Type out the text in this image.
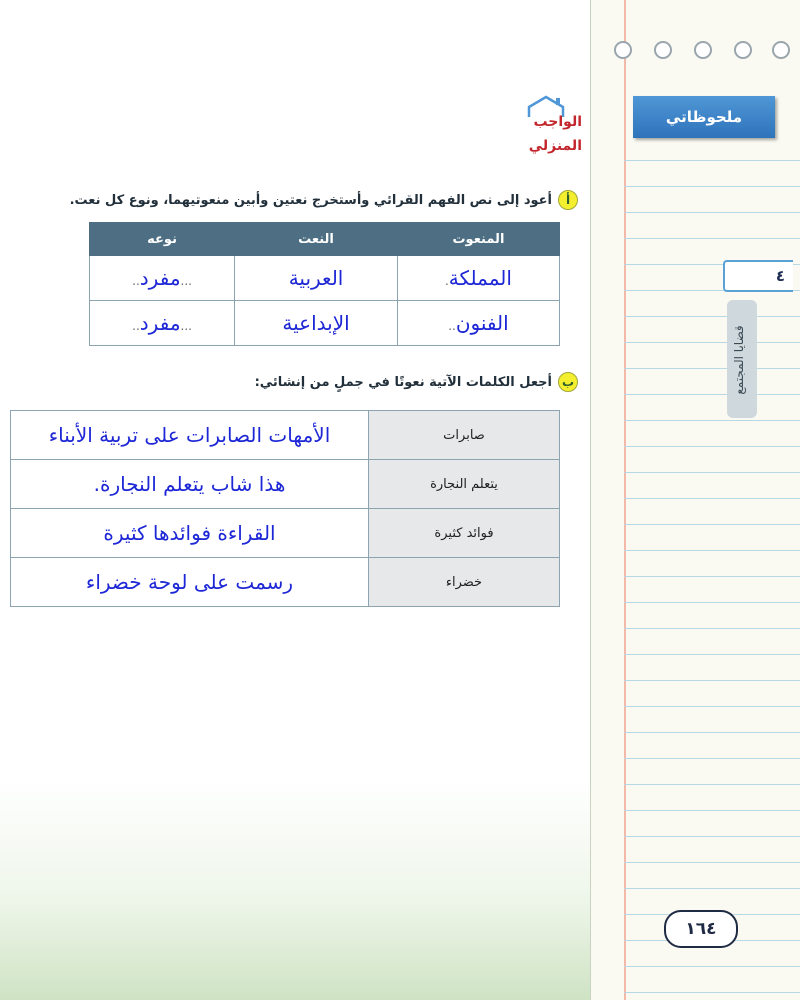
ملحوظاتي
٤
قضايا المجتمع
الواجب
المنزلي
أ
أعود إلى نص الفهم القرائي وأستخرج نعتين وأبين منعوتيهما، ونوع كل نعت.
المنعوت	النعت	نوعه
المملكة.	العربية	...مفرد..
الفنون..	الإبداعية	...مفرد..
ب
أجعل الكلمات الآتية نعوتًا في جملٍ من إنشائي:
صابرات	الأمهات الصابرات على تربية الأبناء
يتعلم النجارة	هذا شاب يتعلم النجارة.
فوائد كثيرة	القراءة فوائدها كثيرة
خضراء	رسمت على لوحة خضراء
١٦٤
